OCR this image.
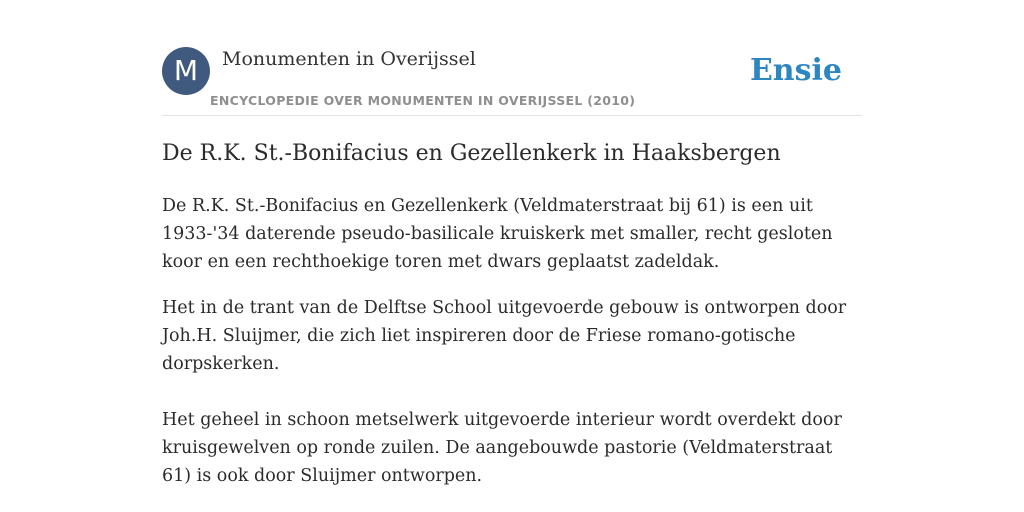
M	Monumenten in Overijssel
ENCYCLOPEDIE OVER MONUMENTEN IN OVERIJSSEL (2010)
Ensie
De R.K. St.-Bonifacius en Gezellenkerk in Haaksbergen

De R.K. St.-Bonifacius en Gezellenkerk (Veldmaterstraat bij 61) is een uit 1933-'34 daterende pseudo-basilicale kruiskerk met smaller, recht gesloten koor en een rechthoekige toren met dwars geplaatst zadeldak.

Het in de trant van de Delftse School uitgevoerde gebouw is ontworpen door Joh.H. Sluijmer, die zich liet inspireren door de Friese romano-gotische dorpskerken.

Het geheel in schoon metselwerk uitgevoerde interieur wordt overdekt door kruisgewelven op ronde zuilen. De aangebouwde pastorie (Veldmaterstraat 61) is ook door Sluijmer ontworpen.
